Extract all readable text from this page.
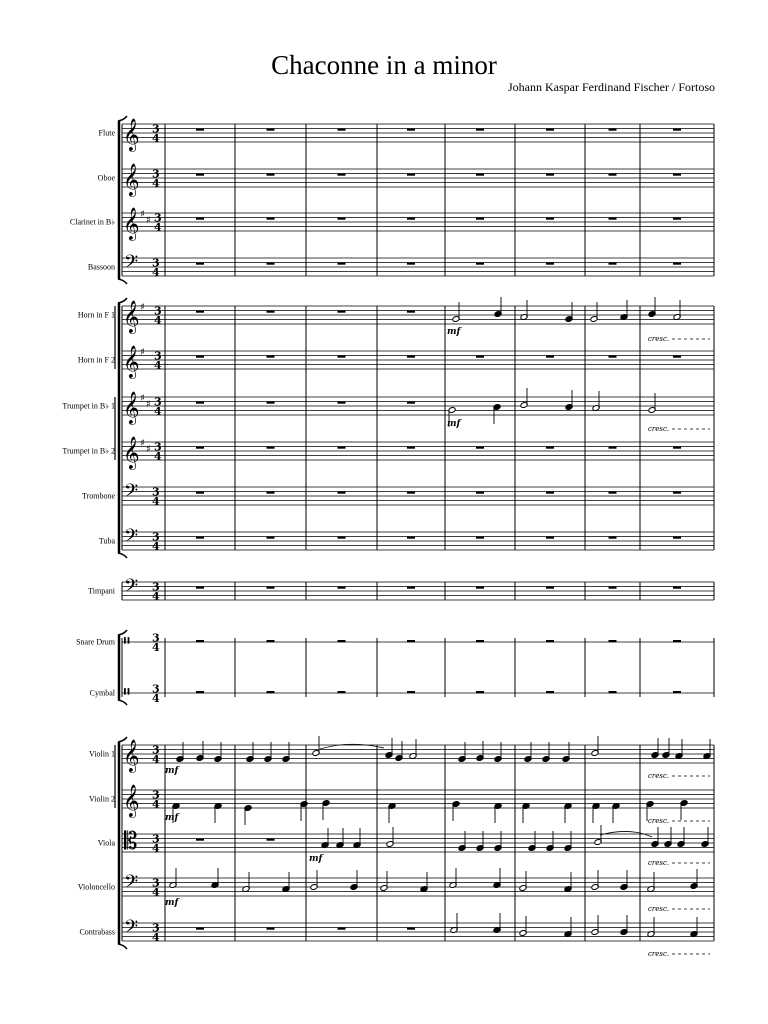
Chaconne in a minor
Johann Kaspar Ferdinand Fischer / Fortoso
Flute
Oboe
Clarinet in B♭
Bassoon
Horn in F 1
Horn in F 2
Trumpet in B♭ 1
Trumpet in B♭ 2
Trombone
Tuba
Timpani
Snare Drum
Cymbal
Violin 1
Violin 2
Viola
Violoncello
Contrabass
𝄞 3
4
𝄞 3
4
𝄞 ♯
♯ 3
4
𝄢 3
4
𝄞 ♯ 3
4
𝄞 ♯ 3
4
𝄞 ♯
♯ 3
4
𝄞 ♯
♯ 3
4
𝄢 3
4
𝄢 3
4
𝄢 3
4
𝄥 3
4
𝄥 3
4
𝄞 3
4
𝄞 3
4
𝄡 3
4
𝄢 3
4
𝄢 3
4
mf
cresc.
mf	cresc.
mf	cresc.
mf	cresc.
mf	cresc.
mf
cresc.
cresc.
